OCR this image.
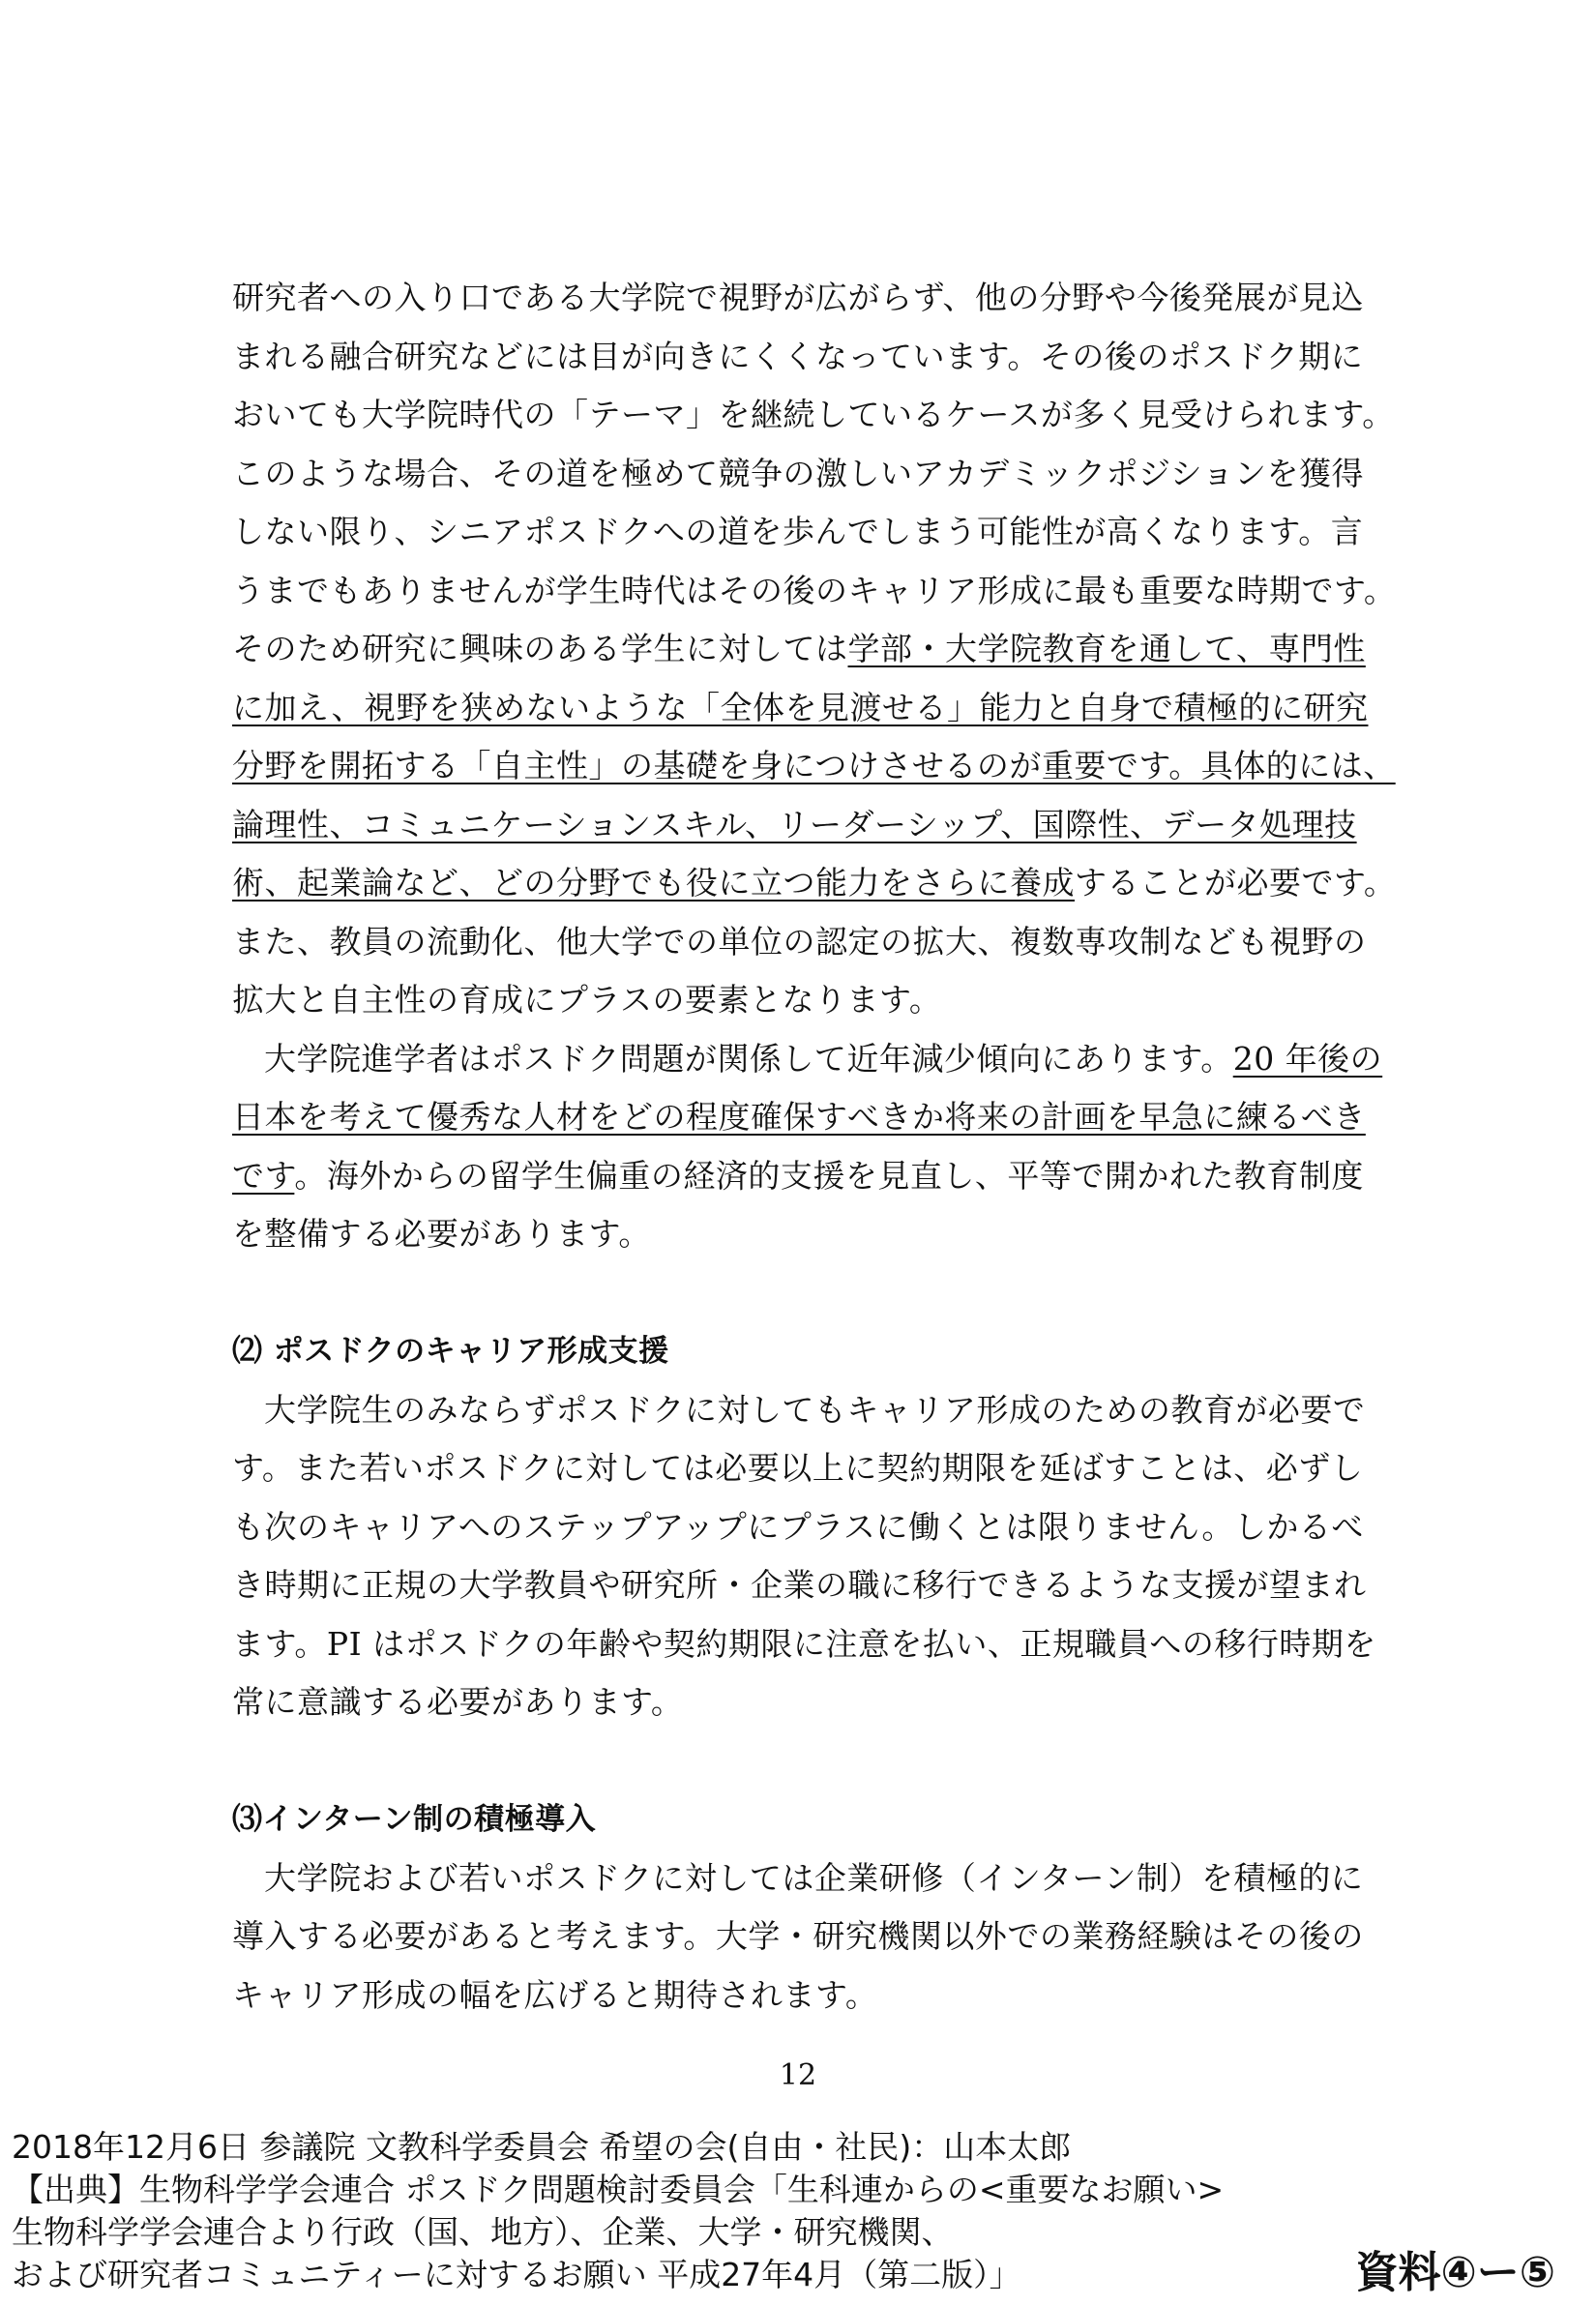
研究者への入り口である大学院で視野が広がらず、他の分野や今後発展が見込
まれる融合研究などには目が向きにくくなっています。その後のポスドク期に
おいても大学院時代の「テーマ」を継続しているケースが多く見受けられます。
このような場合、その道を極めて競争の激しいアカデミックポジションを獲得
しない限り、シニアポスドクへの道を歩んでしまう可能性が高くなります。言
うまでもありませんが学生時代はその後のキャリア形成に最も重要な時期です。
そのため研究に興味のある学生に対しては学部・大学院教育を通して、専門性
に加え、視野を狭めないような「全体を見渡せる」能力と自身で積極的に研究
分野を開拓する「自主性」の基礎を身につけさせるのが重要です。具体的には、
論理性、コミュニケーションスキル、リーダーシップ、国際性、データ処理技
術、起業論など、どの分野でも役に立つ能力をさらに養成することが必要です。
また、教員の流動化、他大学での単位の認定の拡大、複数専攻制なども視野の
拡大と自主性の育成にプラスの要素となります。
大学院進学者はポスドク問題が関係して近年減少傾向にあります。20 年後の
日本を考えて優秀な人材をどの程度確保すべきか将来の計画を早急に練るべき
です。海外からの留学生偏重の経済的支援を見直し、平等で開かれた教育制度
を整備する必要があります。
⑵ ポスドクのキャリア形成支援
大学院生のみならずポスドクに対してもキャリア形成のための教育が必要で
す。また若いポスドクに対しては必要以上に契約期限を延ばすことは、必ずし
も次のキャリアへのステップアップにプラスに働くとは限りません。しかるべ
き時期に正規の大学教員や研究所・企業の職に移行できるような支援が望まれ
ます。PI はポスドクの年齢や契約期限に注意を払い、正規職員への移行時期を
常に意識する必要があります。
⑶インターン制の積極導入
大学院および若いポスドクに対しては企業研修（インターン制）を積極的に
導入する必要があると考えます。大学・研究機関以外での業務経験はその後の
キャリア形成の幅を広げると期待されます。
12
2018年12月6日 参議院 文教科学委員会 希望の会(自由・社民)：山本太郎
【出典】生物科学学会連合 ポスドク問題検討委員会「生科連からの<重要なお願い>
生物科学学会連合より行政（国、地方）、企業、大学・研究機関、
および研究者コミュニティーに対するお願い 平成27年4月（第二版）」	資料④ー⑤
